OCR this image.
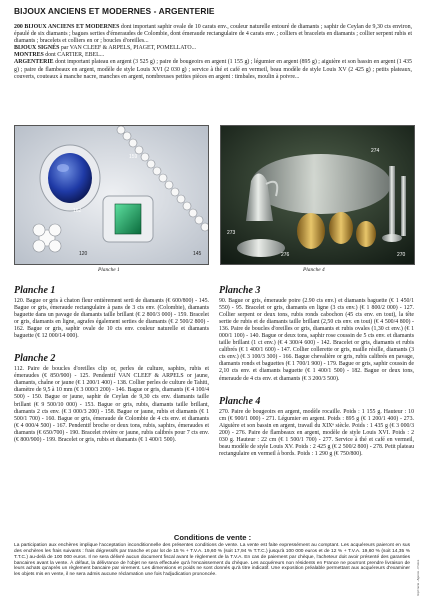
BIJOUX ANCIENS ET MODERNES - ARGENTERIE

200 BIJOUX ANCIENS ET MODERNES dont important saphir ovale de 10 carats env., couleur naturelle entouré de diamants ; saphir de Ceylan de 9,30 cts environ, épaulé de six diamants ; bagues serties d'émeraudes de Colombie, dont émeraude rectangulaire de 4 carats env. ; colliers et bracelets en diamants ; collier serpent rubis et diamants ; bracelets et colliers en or ; boucles d'oreilles...
BIJOUX SIGNÉS par VAN CLEEF & ARPELS, PIAGET, POMELLATO...
MONTRES dont CARTIER, EBEL...
ARGENTERIE dont important plateau en argent (3 525 g) ; paire de bougeoirs en argent (1 155 g) ; légumier en argent (895 g) ; aiguière et son bassin en argent (1 435 g) ; paire de flambeaux en argent, modèle de style Louis XVI (2 030 g) ; service à thé et café en vermeil, beau modèle de style Louis XV (2 425 g) ; petits plateaux, couverts, couteaux à manche nacre, manches en argent, nombreuses petites pièces en argent : timbales, moulin à poivre...

159
162
145
120
Planche 1
274
273
276	270
Planche 4
Planche 1

120. Bague or gris à chaton fleur entièrement serti de diamants (€ 600/800) - 145. Bague or gris, émeraude rectangulaire à pans de 3 cts env. (Colombie), diamants baguette dans un pavage de diamants taille brillant (€ 2 800/3 000) - 159. Bracelet or gris, diamants en ligne, agrafes également serties de diamants (€ 2 500/2 800) - 162. Bague or gris, saphir ovale de 10 cts env. couleur naturelle et diamants baguette (€ 12 000/14 000).

Planche 2

112. Paire de boucles d'oreilles clip or, perles de culture, saphirs, rubis et émeraudes (€ 850/900) - 125. Pendentif VAN CLEEF & ARPELS or jaune, diamants, chaîne or jaune (€ 1 200/1 400) - 138. Collier perles de culture de Tahiti, diamètre de 9,5 à 10 mm (€ 3 000/3 200) - 146. Bague or gris, diamants (€ 4 100/4 500) - 150. Bague or jaune, saphir de Ceylan de 9,30 cts env. diamants taille brillant (€ 9 500/10 000) - 153. Bague or gris, rubis, diamants taille brillant, diamants 2 cts env. (€ 3 000/3 200) - 158. Bague or jaune, rubis et diamants (€ 1 500/1 700) - 160. Bague or gris, émeraude de Colombie de 4 cts env. et diamants (€ 4 000/4 500) - 167. Pendentif broche or deux tons, rubis, saphirs, émeraudes et diamants (€ 650/700) - 190. Bracelet rivière or jaune, rubis calibrés pour 7 cts env. (€ 800/900) - 199. Bracelet or gris, rubis et diamants (€ 1 400/1 500).

Planche 3

90. Bague or gris, émeraude poire (2.90 cts env.) et diamants baguette (€ 1 450/1 550) - 95. Bracelet or gris, diamants en ligne (3 cts env.) (€ 1 800/2 000) - 127. Collier serpent or deux tons, rubis ronds cabochon (45 cts env. en tout), la tête sertie de rubis et de diamants taille brillant (2,50 cts env. en tout) (€ 4 500/4 800) - 136. Paire de boucles d'oreilles or gris, diamants et rubis ovales (1,30 ct env.) (€ 1 000/1 100) - 140. Bague or deux tons, saphir rose coussin de 5 cts env. et diamants taille brillant (1 ct env.) (€ 4 300/4 600) - 142. Bracelet or gris, diamants et rubis calibrés (€ 1 400/1 600) - 147. Collier collerette or gris, maille résille, diamants (3 cts env.) (€ 3 100/3 300) - 166. Bague chevalière or gris, rubis calibrés en pavage, diamants ronds et baguettes (€ 1 700/1 900) - 179. Bague or gris, saphir coussin de 2,10 cts env. et diamants baguette (€ 1 400/1 500) - 182. Bague or deux tons, émeraude de 4 cts env. et diamants (€ 3 200/3 500).

Planche 4

270. Paire de bougeoirs en argent, modèle rocaille. Poids : 1 155 g. Hauteur : 10 cm (€ 900/1 000) - 271. Légumier en argent. Poids : 895 g (€ 1 200/1 400) - 273. Aiguière et son bassin en argent, travail du XIXᵉ siècle. Poids : 1 435 g (€ 3 000/3 200) - 276. Paire de flambeaux en argent, modèle de style Louis XVI. Poids : 2 030 g. Hauteur : 22 cm (€ 1 500/1 700) - 277. Service à thé et café en vermeil, beau modèle de style Louis XV. Poids : 2 425 g (€ 2 500/2 800) - 278. Petit plateau rectangulaire en vermeil à bords. Poids : 1 290 g (€ 750/800).

Conditions de vente :

La participation aux enchères implique l'acceptation inconditionnelle des présentes conditions de vente. La vente est faite expressément au comptant. Les acquéreurs paieront en sus des enchères les frais suivants : frais dégressifs par tranche et par lot de 15 % + T.V.A. 19,60 % (soit 17,94 % T.T.C.) jusqu'à 100 000 euros et de 12 % + T.V.A. 19,60 % (soit 14,35 % T.T.C.) au-delà de 100 000 euros. Il ne sera délivré aucun document fiscal avant le règlement de la T.V.A. En cas de paiement par chèque, l'acheteur doit avoir présenté des garanties bancaires avant la vente. À défaut, la délivrance de l'objet ne sera effectuée qu'à l'encaissement du chèque. Les acquéreurs non résidents en France ne pourront prendre livraison de leurs achats qu'après un règlement bancaire par virement. Les dimensions et poids ne sont donnés qu'à titre indicatif. Une exposition préalable permettant aux acquéreurs d'examiner les objets mis en vente, il ne sera admis aucune réclamation une fois l'adjudication prononcée.	Imprimerie - Agence - Photos
